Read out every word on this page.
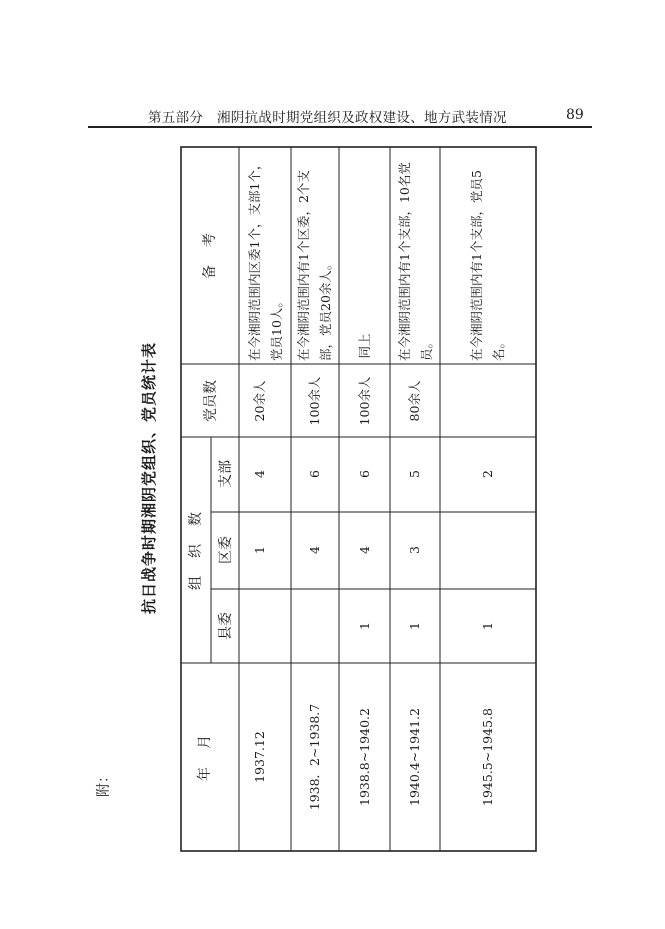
第五部分　湘阴抗战时期党组织及政权建设、地方武装情况	89
附：
抗日战争时期湘阴党组织、党员统计表
年　月
组　织　数
县委
区委
支部
党员数
备　考
1937.12
1
4
20余人
在今湘阴范围内区委1个，支部1个，党员10人。
1938．2~1938.7
4
6
100余人
在今湘阴范围内有1个区委，2个支部，党员20余人。
1938.8~1940.2
1
4
6
100余人
同上
1940.4~1941.2
1
3
5
80余人
在今湘阴范围内有1个支部，10名党员。
1945.5~1945.8
1
2
在今湘阴范围内有1个支部，党员5名。
